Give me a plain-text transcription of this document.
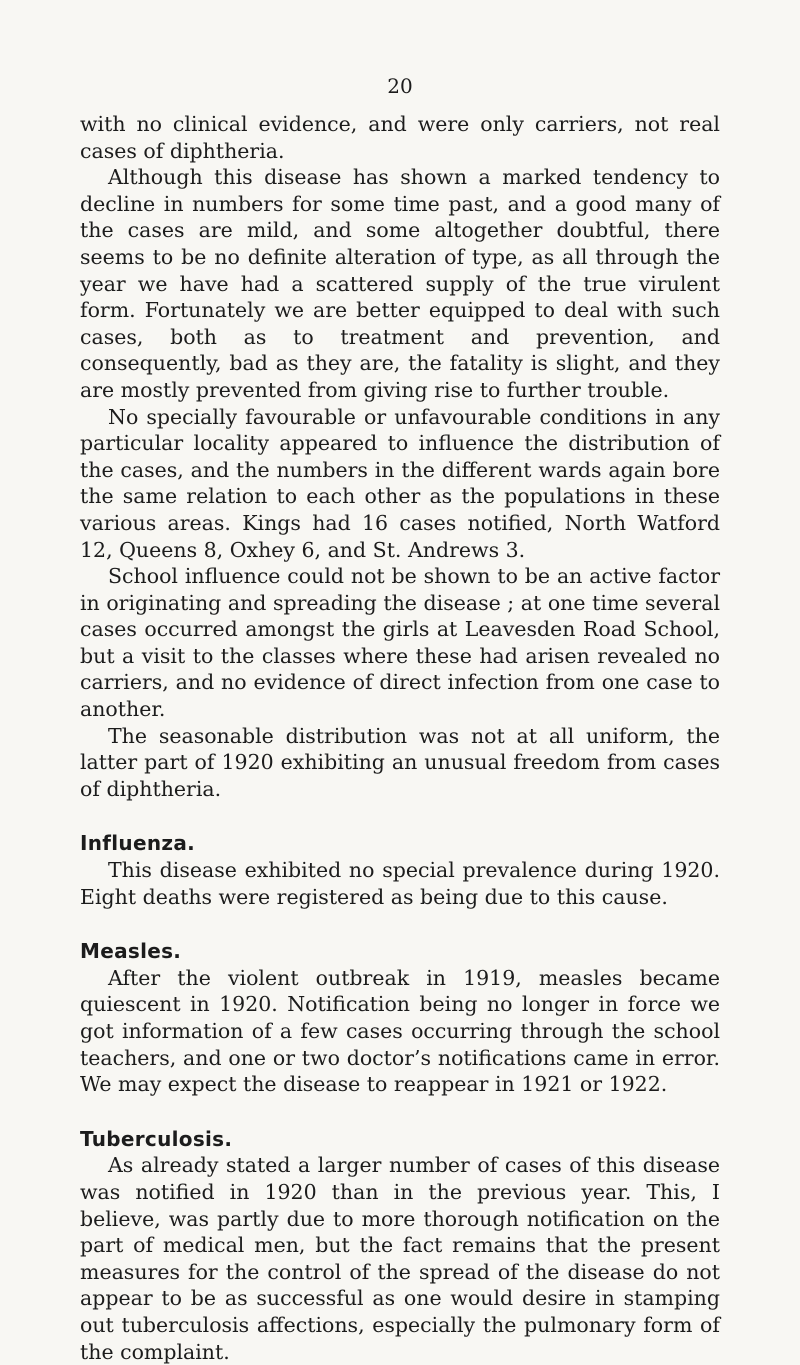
20

with no clinical evidence, and were only carriers, not real cases of diphtheria.

Although this disease has shown a marked tendency to decline in numbers for some time past, and a good many of the cases are mild, and some altogether doubtful, there seems to be no definite alteration of type, as all through the year we have had a scattered supply of the true virulent form. Fortunately we are better equipped to deal with such cases, both as to treatment and prevention, and consequently, bad as they are, the fatality is slight, and they are mostly prevented from giving rise to further trouble.

No specially favourable or unfavourable conditions in any particular locality appeared to influence the distribution of the cases, and the numbers in the different wards again bore the same relation to each other as the populations in these various areas. Kings had 16 cases notified, North Watford 12, Queens 8, Oxhey 6, and St. Andrews 3.

School influence could not be shown to be an active factor in originating and spreading the disease ; at one time several cases occurred amongst the girls at Leavesden Road School, but a visit to the classes where these had arisen revealed no carriers, and no evidence of direct infection from one case to another.

The seasonable distribution was not at all uniform, the latter part of 1920 exhibiting an unusual freedom from cases of diphtheria.

Influenza.

This disease exhibited no special prevalence during 1920. Eight deaths were registered as being due to this cause.

Measles.

After the violent outbreak in 1919, measles became quiescent in 1920. Notification being no longer in force we got information of a few cases occurring through the school teachers, and one or two doctor’s notifications came in error. We may expect the disease to reappear in 1921 or 1922.

Tuberculosis.

As already stated a larger number of cases of this disease was notified in 1920 than in the previous year. This, I believe, was partly due to more thorough notification on the part of medical men, but the fact remains that the present measures for the control of the spread of the disease do not appear to be as successful as one would desire in stamping out tuberculosis affections, especially the pulmonary form of the complaint.
